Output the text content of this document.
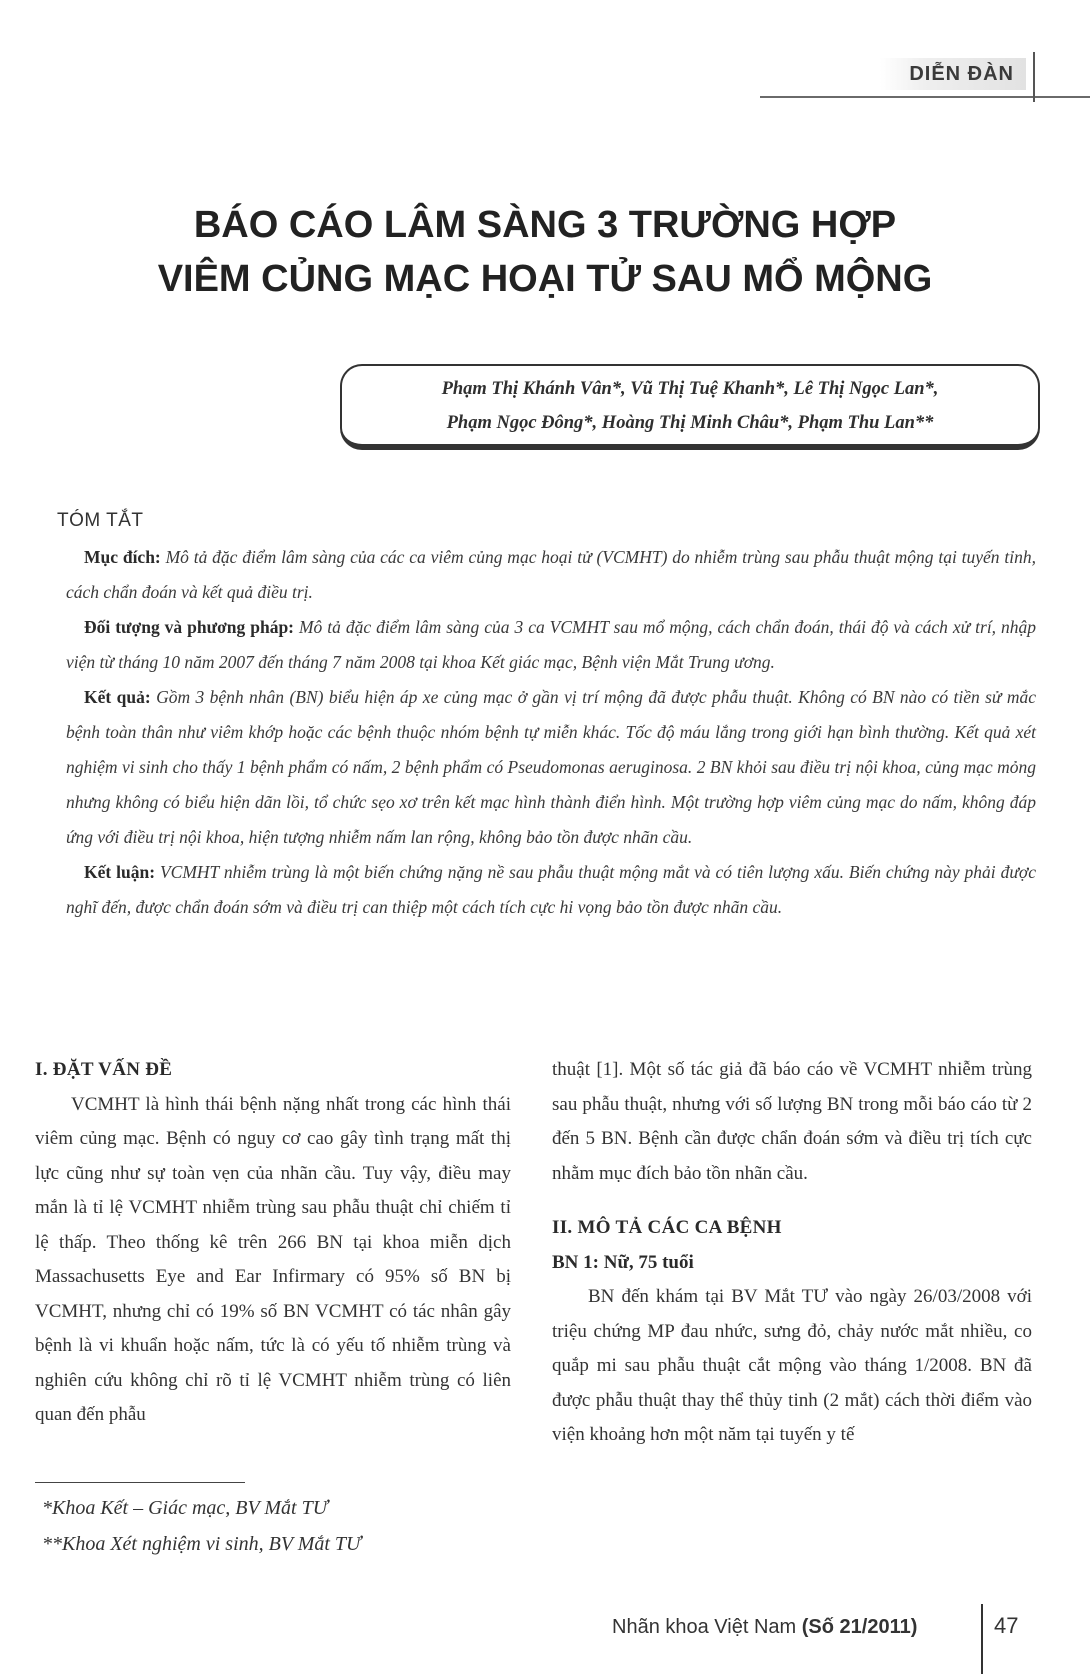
DIỄN ĐÀN
BÁO CÁO LÂM SÀNG 3 TRƯỜNG HỢP
VIÊM CỦNG MẠC HOẠI TỬ SAU MỔ MỘNG
Phạm Thị Khánh Vân*, Vũ Thị Tuệ Khanh*, Lê Thị Ngọc Lan*,
Phạm Ngọc Đông*, Hoàng Thị Minh Châu*, Phạm Thu Lan**
TÓM TẮT

Mục đích: Mô tả đặc điểm lâm sàng của các ca viêm củng mạc hoại tử (VCMHT) do nhiễm trùng sau phẫu thuật mộng tại tuyến tỉnh, cách chẩn đoán và kết quả điều trị.

Đối tượng và phương pháp: Mô tả đặc điểm lâm sàng của 3 ca VCMHT sau mổ mộng, cách chẩn đoán, thái độ và cách xử trí, nhập viện từ tháng 10 năm 2007 đến tháng 7 năm 2008 tại khoa Kết giác mạc, Bệnh viện Mắt Trung ương.

Kết quả: Gồm 3 bệnh nhân (BN) biểu hiện áp xe củng mạc ở gần vị trí mộng đã được phẫu thuật. Không có BN nào có tiền sử mắc bệnh toàn thân như viêm khớp hoặc các bệnh thuộc nhóm bệnh tự miễn khác. Tốc độ máu lắng trong giới hạn bình thường. Kết quả xét nghiệm vi sinh cho thấy 1 bệnh phẩm có nấm, 2 bệnh phẩm có Pseudomonas aeruginosa. 2 BN khỏi sau điều trị nội khoa, củng mạc mỏng nhưng không có biểu hiện dãn lồi, tổ chức sẹo xơ trên kết mạc hình thành điển hình. Một trường hợp viêm củng mạc do nấm, không đáp ứng với điều trị nội khoa, hiện tượng nhiễm nấm lan rộng, không bảo tồn được nhãn cầu.

Kết luận: VCMHT nhiễm trùng là một biến chứng nặng nề sau phẫu thuật mộng mắt và có tiên lượng xấu. Biến chứng này phải được nghĩ đến, được chẩn đoán sớm và điều trị can thiệp một cách tích cực hi vọng bảo tồn được nhãn cầu.

I. ĐẶT VẤN ĐỀ

VCMHT là hình thái bệnh nặng nhất trong các hình thái viêm củng mạc. Bệnh có nguy cơ cao gây tình trạng mất thị lực cũng như sự toàn vẹn của nhãn cầu. Tuy vậy, điều may mắn là tỉ lệ VCMHT nhiễm trùng sau phẫu thuật chỉ chiếm tỉ lệ thấp. Theo thống kê trên 266 BN tại khoa miễn dịch Massachusetts Eye and Ear Infirmary có 95% số BN bị VCMHT, nhưng chỉ có 19% số BN VCMHT có tác nhân gây bệnh là vi khuẩn hoặc nấm, tức là có yếu tố nhiễm trùng và nghiên cứu không chỉ rõ tỉ lệ VCMHT nhiễm trùng có liên quan đến phẫu

*Khoa Kết – Giác mạc, BV Mắt TƯ
**Khoa Xét nghiệm vi sinh, BV Mắt TƯ

thuật [1]. Một số tác giả đã báo cáo về VCMHT nhiễm trùng sau phẫu thuật, nhưng với số lượng BN trong mỗi báo cáo từ 2 đến 5 BN. Bệnh cần được chẩn đoán sớm và điều trị tích cực nhằm mục đích bảo tồn nhãn cầu.

II. MÔ TẢ CÁC CA BỆNH
BN 1: Nữ, 75 tuổi

BN đến khám tại BV Mắt TƯ vào ngày 26/03/2008 với triệu chứng MP đau nhức, sưng đỏ, chảy nước mắt nhiều, co quắp mi sau phẫu thuật cắt mộng vào tháng 1/2008. BN đã được phẫu thuật thay thể thủy tinh (2 mắt) cách thời điểm vào viện khoảng hơn một năm tại tuyến y tế

Nhãn khoa Việt Nam (Số 21/2011)	47
